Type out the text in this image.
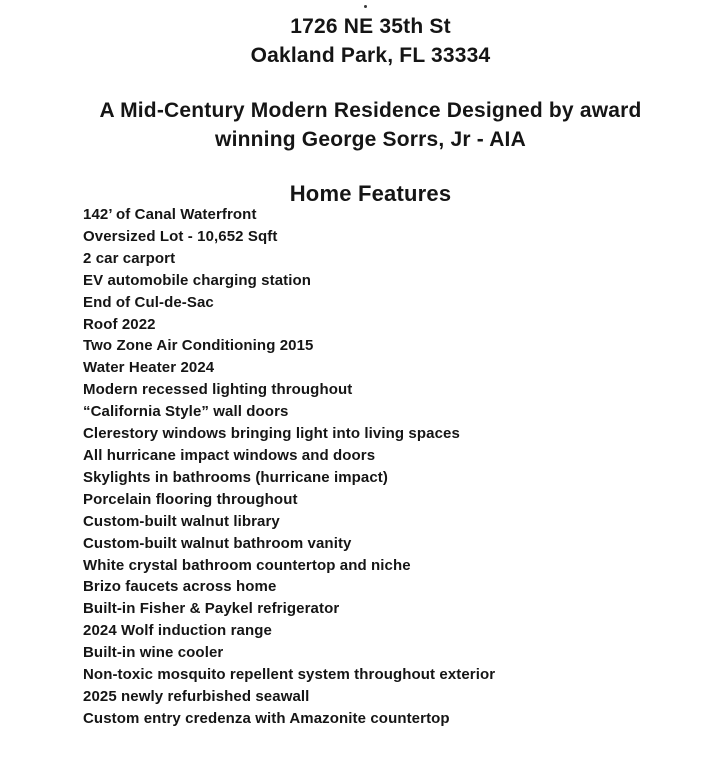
1726 NE 35th St
Oakland Park, FL 33334
A Mid-Century Modern Residence Designed by award
winning George Sorrs, Jr - AIA
Home Features
142’ of Canal Waterfront
Oversized Lot - 10,652 Sqft
2 car carport
EV automobile charging station
End of Cul-de-Sac
Roof 2022
Two Zone Air Conditioning 2015
Water Heater 2024
Modern recessed lighting throughout
“California Style” wall doors
Clerestory windows bringing light into living spaces
All hurricane impact windows and doors
Skylights in bathrooms (hurricane impact)
Porcelain flooring throughout
Custom-built walnut library
Custom-built walnut bathroom vanity
White crystal bathroom countertop and niche
Brizo faucets across home
Built-in Fisher & Paykel refrigerator
2024 Wolf induction range
Built-in wine cooler
Non-toxic mosquito repellent system throughout exterior
2025 newly refurbished seawall
Custom entry credenza with Amazonite countertop
